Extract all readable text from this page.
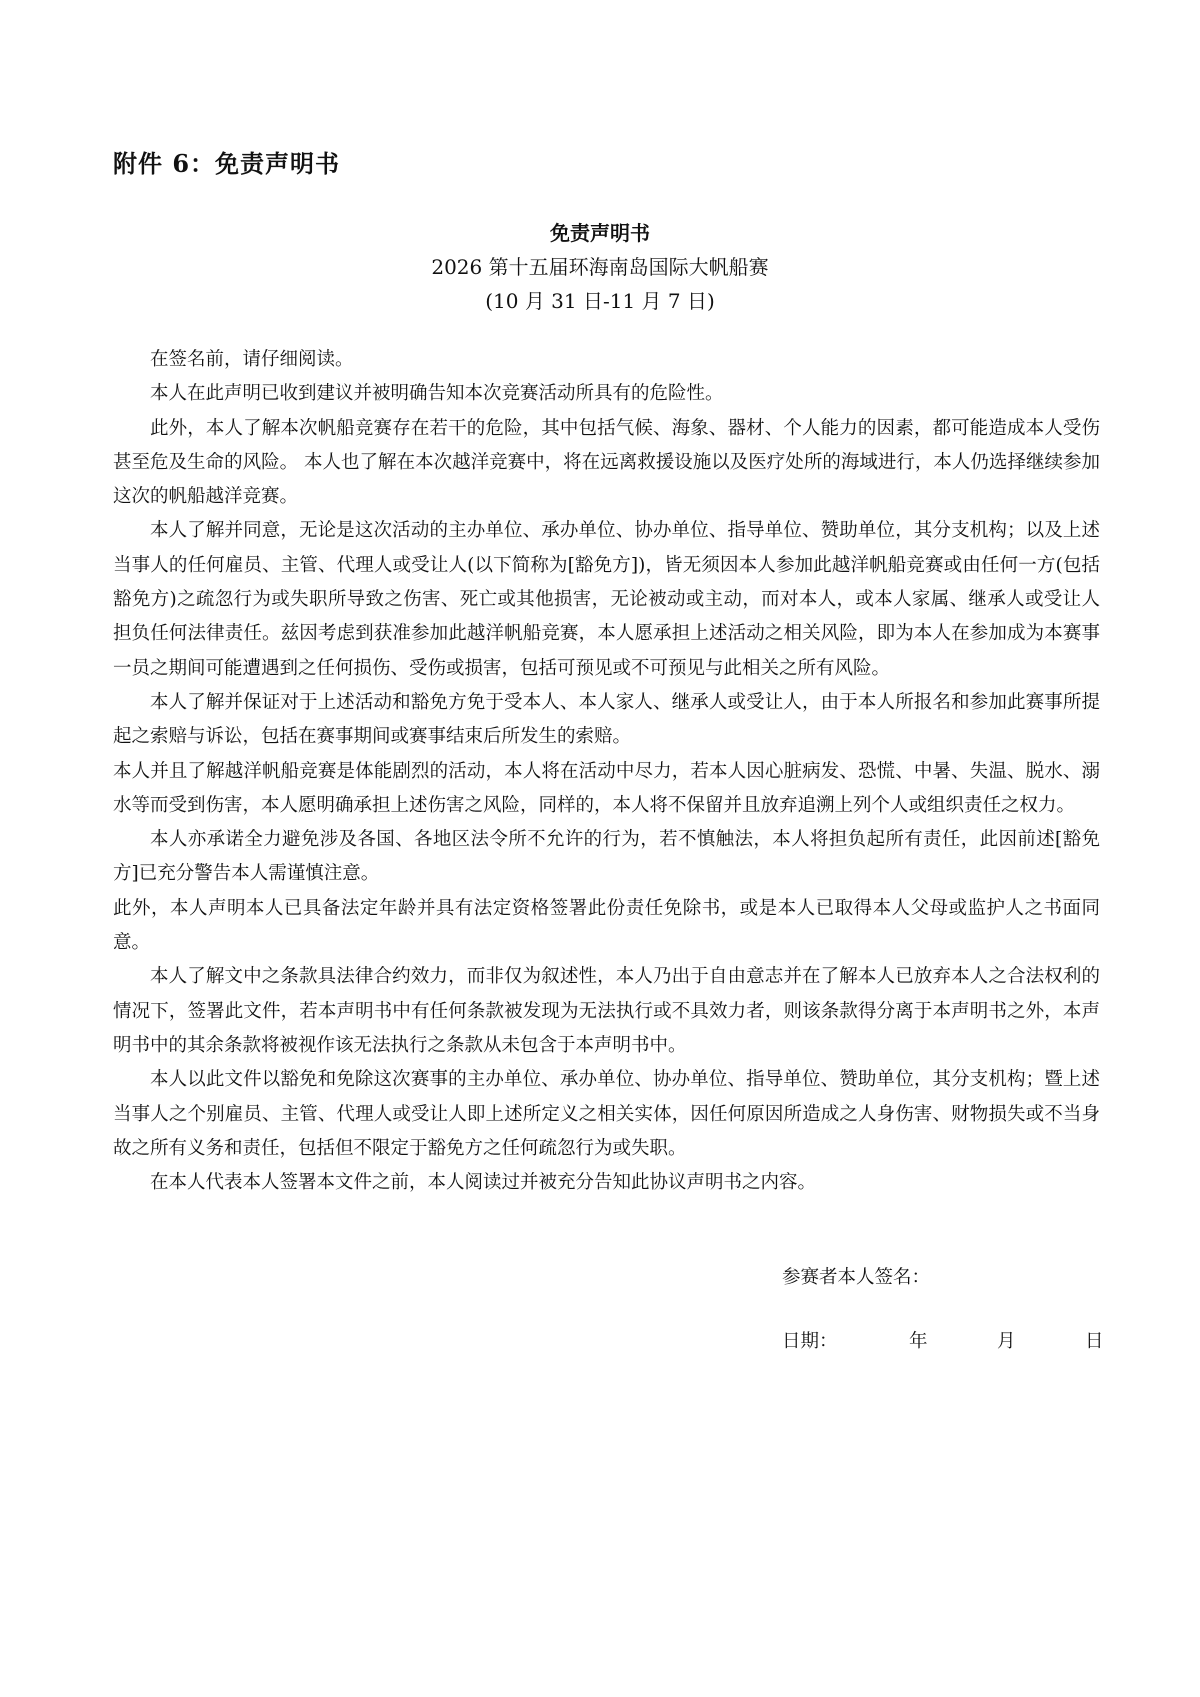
附件 6：免责声明书
免责声明书
2026 第十五届环海南岛国际大帆船赛
(10 月 31 日-11 月 7 日)

在签名前，请仔细阅读。

本人在此声明已收到建议并被明确告知本次竞赛活动所具有的危险性。

此外，本人了解本次帆船竞赛存在若干的危险，其中包括气候、海象、器材、个人能力的因素，都可能造成本人受伤甚至危及生命的风险。 本人也了解在本次越洋竞赛中，将在远离救援设施以及医疗处所的海域进行，本人仍选择继续参加这次的帆船越洋竞赛。

本人了解并同意，无论是这次活动的主办单位、承办单位、协办单位、指导单位、赞助单位，其分支机构；以及上述当事人的任何雇员、主管、代理人或受让人(以下简称为[豁免方])，皆无须因本人参加此越洋帆船竞赛或由任何一方(包括豁免方)之疏忽行为或失职所导致之伤害、死亡或其他损害，无论被动或主动，而对本人，或本人家属、继承人或受让人担负任何法律责任。兹因考虑到获准参加此越洋帆船竞赛，本人愿承担上述活动之相关风险，即为本人在参加成为本赛事一员之期间可能遭遇到之任何损伤、受伤或损害，包括可预见或不可预见与此相关之所有风险。

本人了解并保证对于上述活动和豁免方免于受本人、本人家人、继承人或受让人，由于本人所报名和参加此赛事所提起之索赔与诉讼，包括在赛事期间或赛事结束后所发生的索赔。

本人并且了解越洋帆船竞赛是体能剧烈的活动，本人将在活动中尽力，若本人因心脏病发、恐慌、中暑、失温、脱水、溺水等而受到伤害，本人愿明确承担上述伤害之风险，同样的，本人将不保留并且放弃追溯上列个人或组织责任之权力。

本人亦承诺全力避免涉及各国、各地区法令所不允许的行为，若不慎触法，本人将担负起所有责任，此因前述[豁免方]已充分警告本人需谨慎注意。

此外，本人声明本人已具备法定年龄并具有法定资格签署此份责任免除书，或是本人已取得本人父母或监护人之书面同意。

本人了解文中之条款具法律合约效力，而非仅为叙述性，本人乃出于自由意志并在了解本人已放弃本人之合法权利的情况下，签署此文件，若本声明书中有任何条款被发现为无法执行或不具效力者，则该条款得分离于本声明书之外，本声明书中的其余条款将被视作该无法执行之条款从未包含于本声明书中。

本人以此文件以豁免和免除这次赛事的主办单位、承办单位、协办单位、指导单位、赞助单位，其分支机构；暨上述当事人之个别雇员、主管、代理人或受让人即上述所定义之相关实体，因任何原因所造成之人身伤害、财物损失或不当身故之所有义务和责任，包括但不限定于豁免方之任何疏忽行为或失职。

在本人代表本人签署本文件之前，本人阅读过并被充分告知此协议声明书之内容。

参赛者本人签名：

日期：	年	月	日
